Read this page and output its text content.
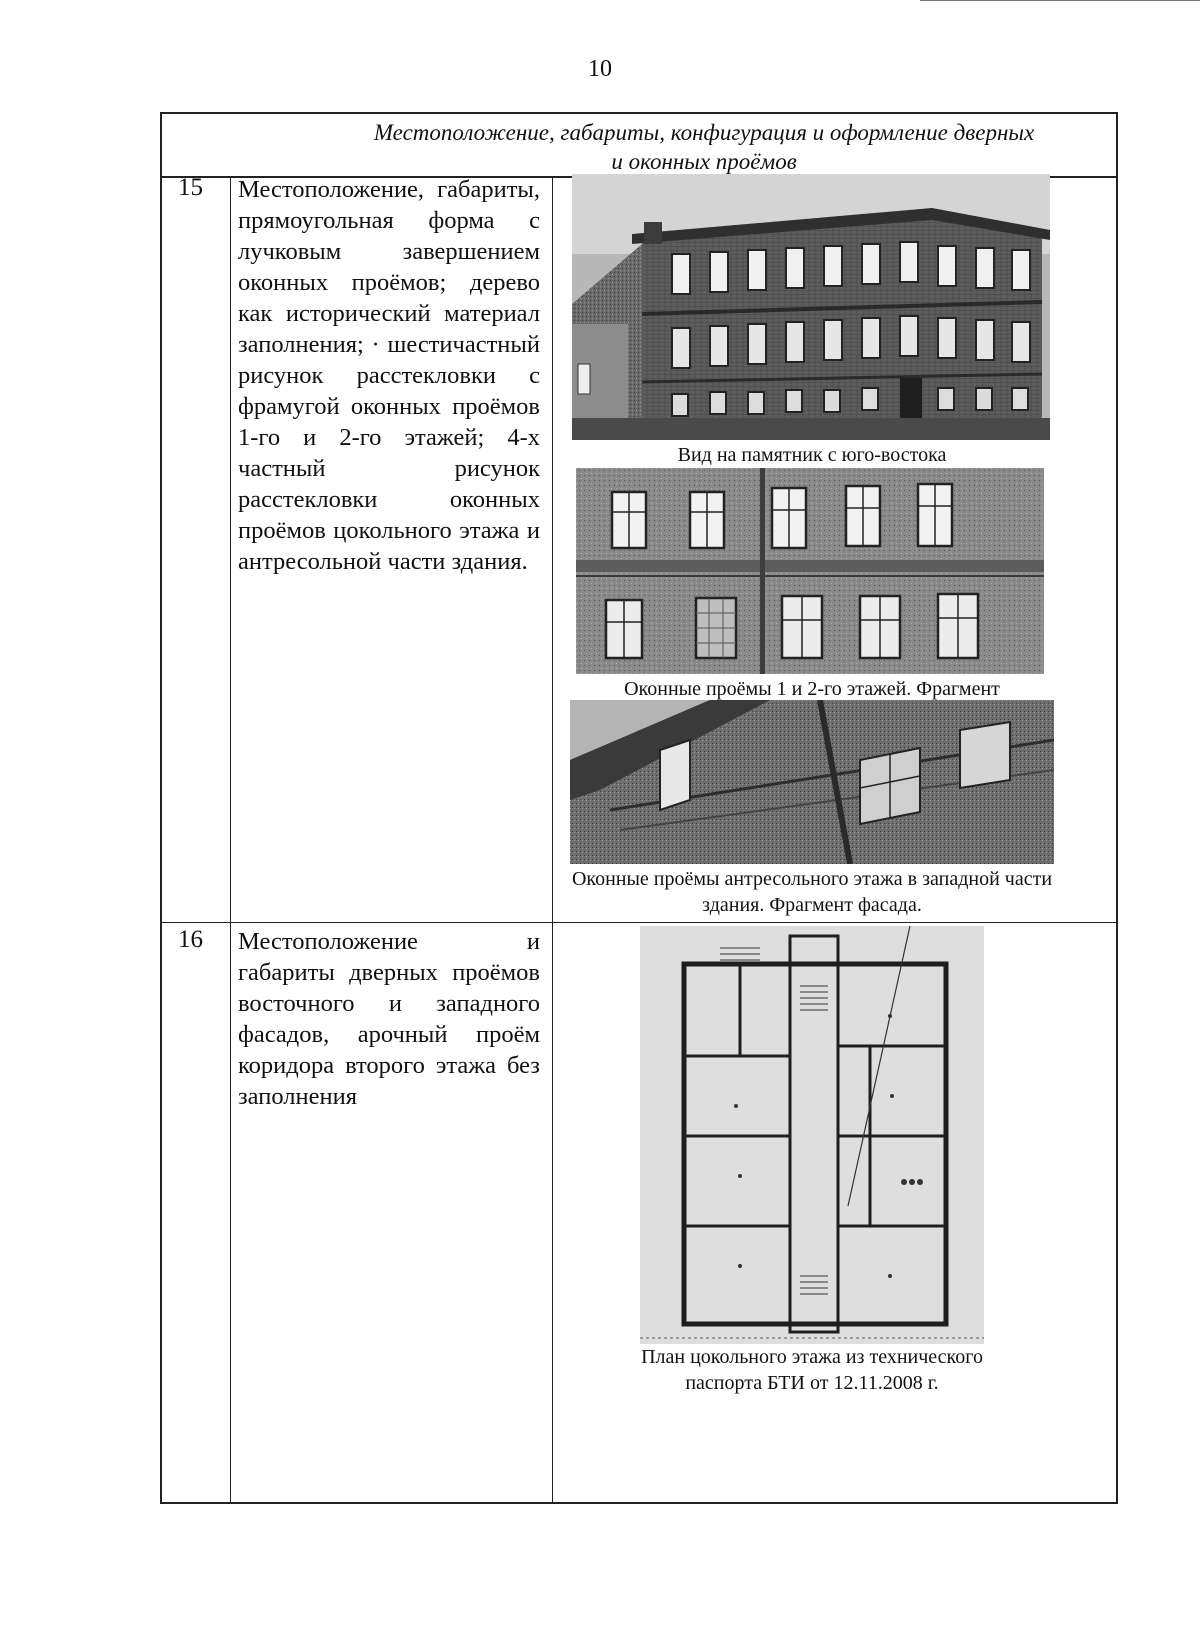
10
Местоположение, габариты, конфигурация и оформление дверных
и оконных проёмов
15 Местоположение, габариты, прямоугольная форма с лучковым завершением оконных проёмов; дерево как исторический материал заполнения; · шестичастный рисунок расстекловки с фрамугой оконных проёмов 1-го и 2-го этажей; 4-х частный рисунок расстекловки оконных проёмов цокольного этажа и антресольной части здания.
Вид на памятник с юго-востока
Оконные проёмы 1 и 2-го этажей. Фрагмент
Оконные проёмы антресольного этажа в западной части здания. Фрагмент фасада.
16 Местоположение и габариты дверных проёмов восточного и западного фасадов, арочный проём коридора второго этажа без заполнения
План цокольного этажа из технического
паспорта БТИ от 12.11.2008 г.
